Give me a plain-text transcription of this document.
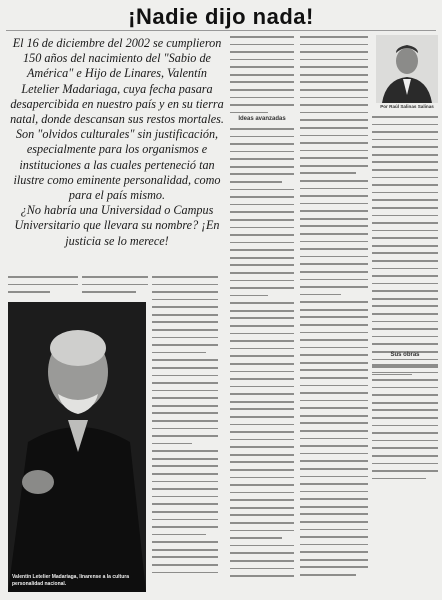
¡Nadie dijo nada!

El 16 de diciembre del 2002 se cumplieron 150 años del nacimiento del "Sabio de América" e Hijo de Linares, Valentín Letelier Madariaga, cuya fecha pasara desapercibida en nuestro país y en su tierra natal, donde descansan sus restos mortales.

Son "olvidos culturales" sin justificación, especialmente para los organismos e instituciones a las cuales perteneció tan ilustre como eminente personalidad, como para el país mismo.

¿No habría una Universidad o Campus Universitario que llevara su nombre? ¡En justicia se lo merece!

Ideas avanzadas
Sus obras
Valentín Letelier Madariaga, linarense a la cultura personalidad nacional.
Por Raúl Salinas Salinas
